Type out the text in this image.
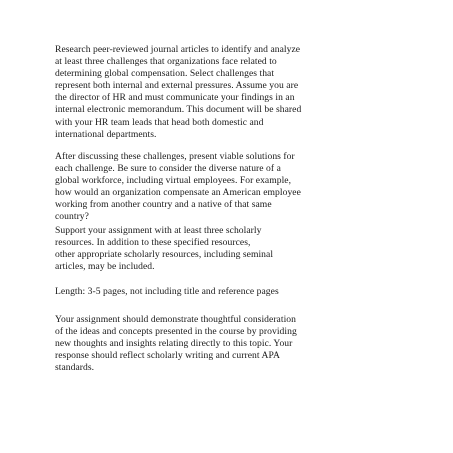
Research peer-reviewed journal articles to identify and analyze
at least three challenges that organizations face related to
determining global compensation. Select challenges that
represent both internal and external pressures. Assume you are
the director of HR and must communicate your findings in an
internal electronic memorandum. This document will be shared
with your HR team leads that head both domestic and
international departments.

After discussing these challenges, present viable solutions for
each challenge. Be sure to consider the diverse nature of a
global workforce, including virtual employees. For example,
how would an organization compensate an American employee
working from another country and a native of that same
country?

Support your assignment with at least three scholarly
resources. In addition to these specified resources,
other appropriate scholarly resources, including seminal
articles, may be included.

Length: 3-5 pages, not including title and reference pages

Your assignment should demonstrate thoughtful consideration
of the ideas and concepts presented in the course by providing
new thoughts and insights relating directly to this topic. Your
response should reflect scholarly writing and current APA
standards.
